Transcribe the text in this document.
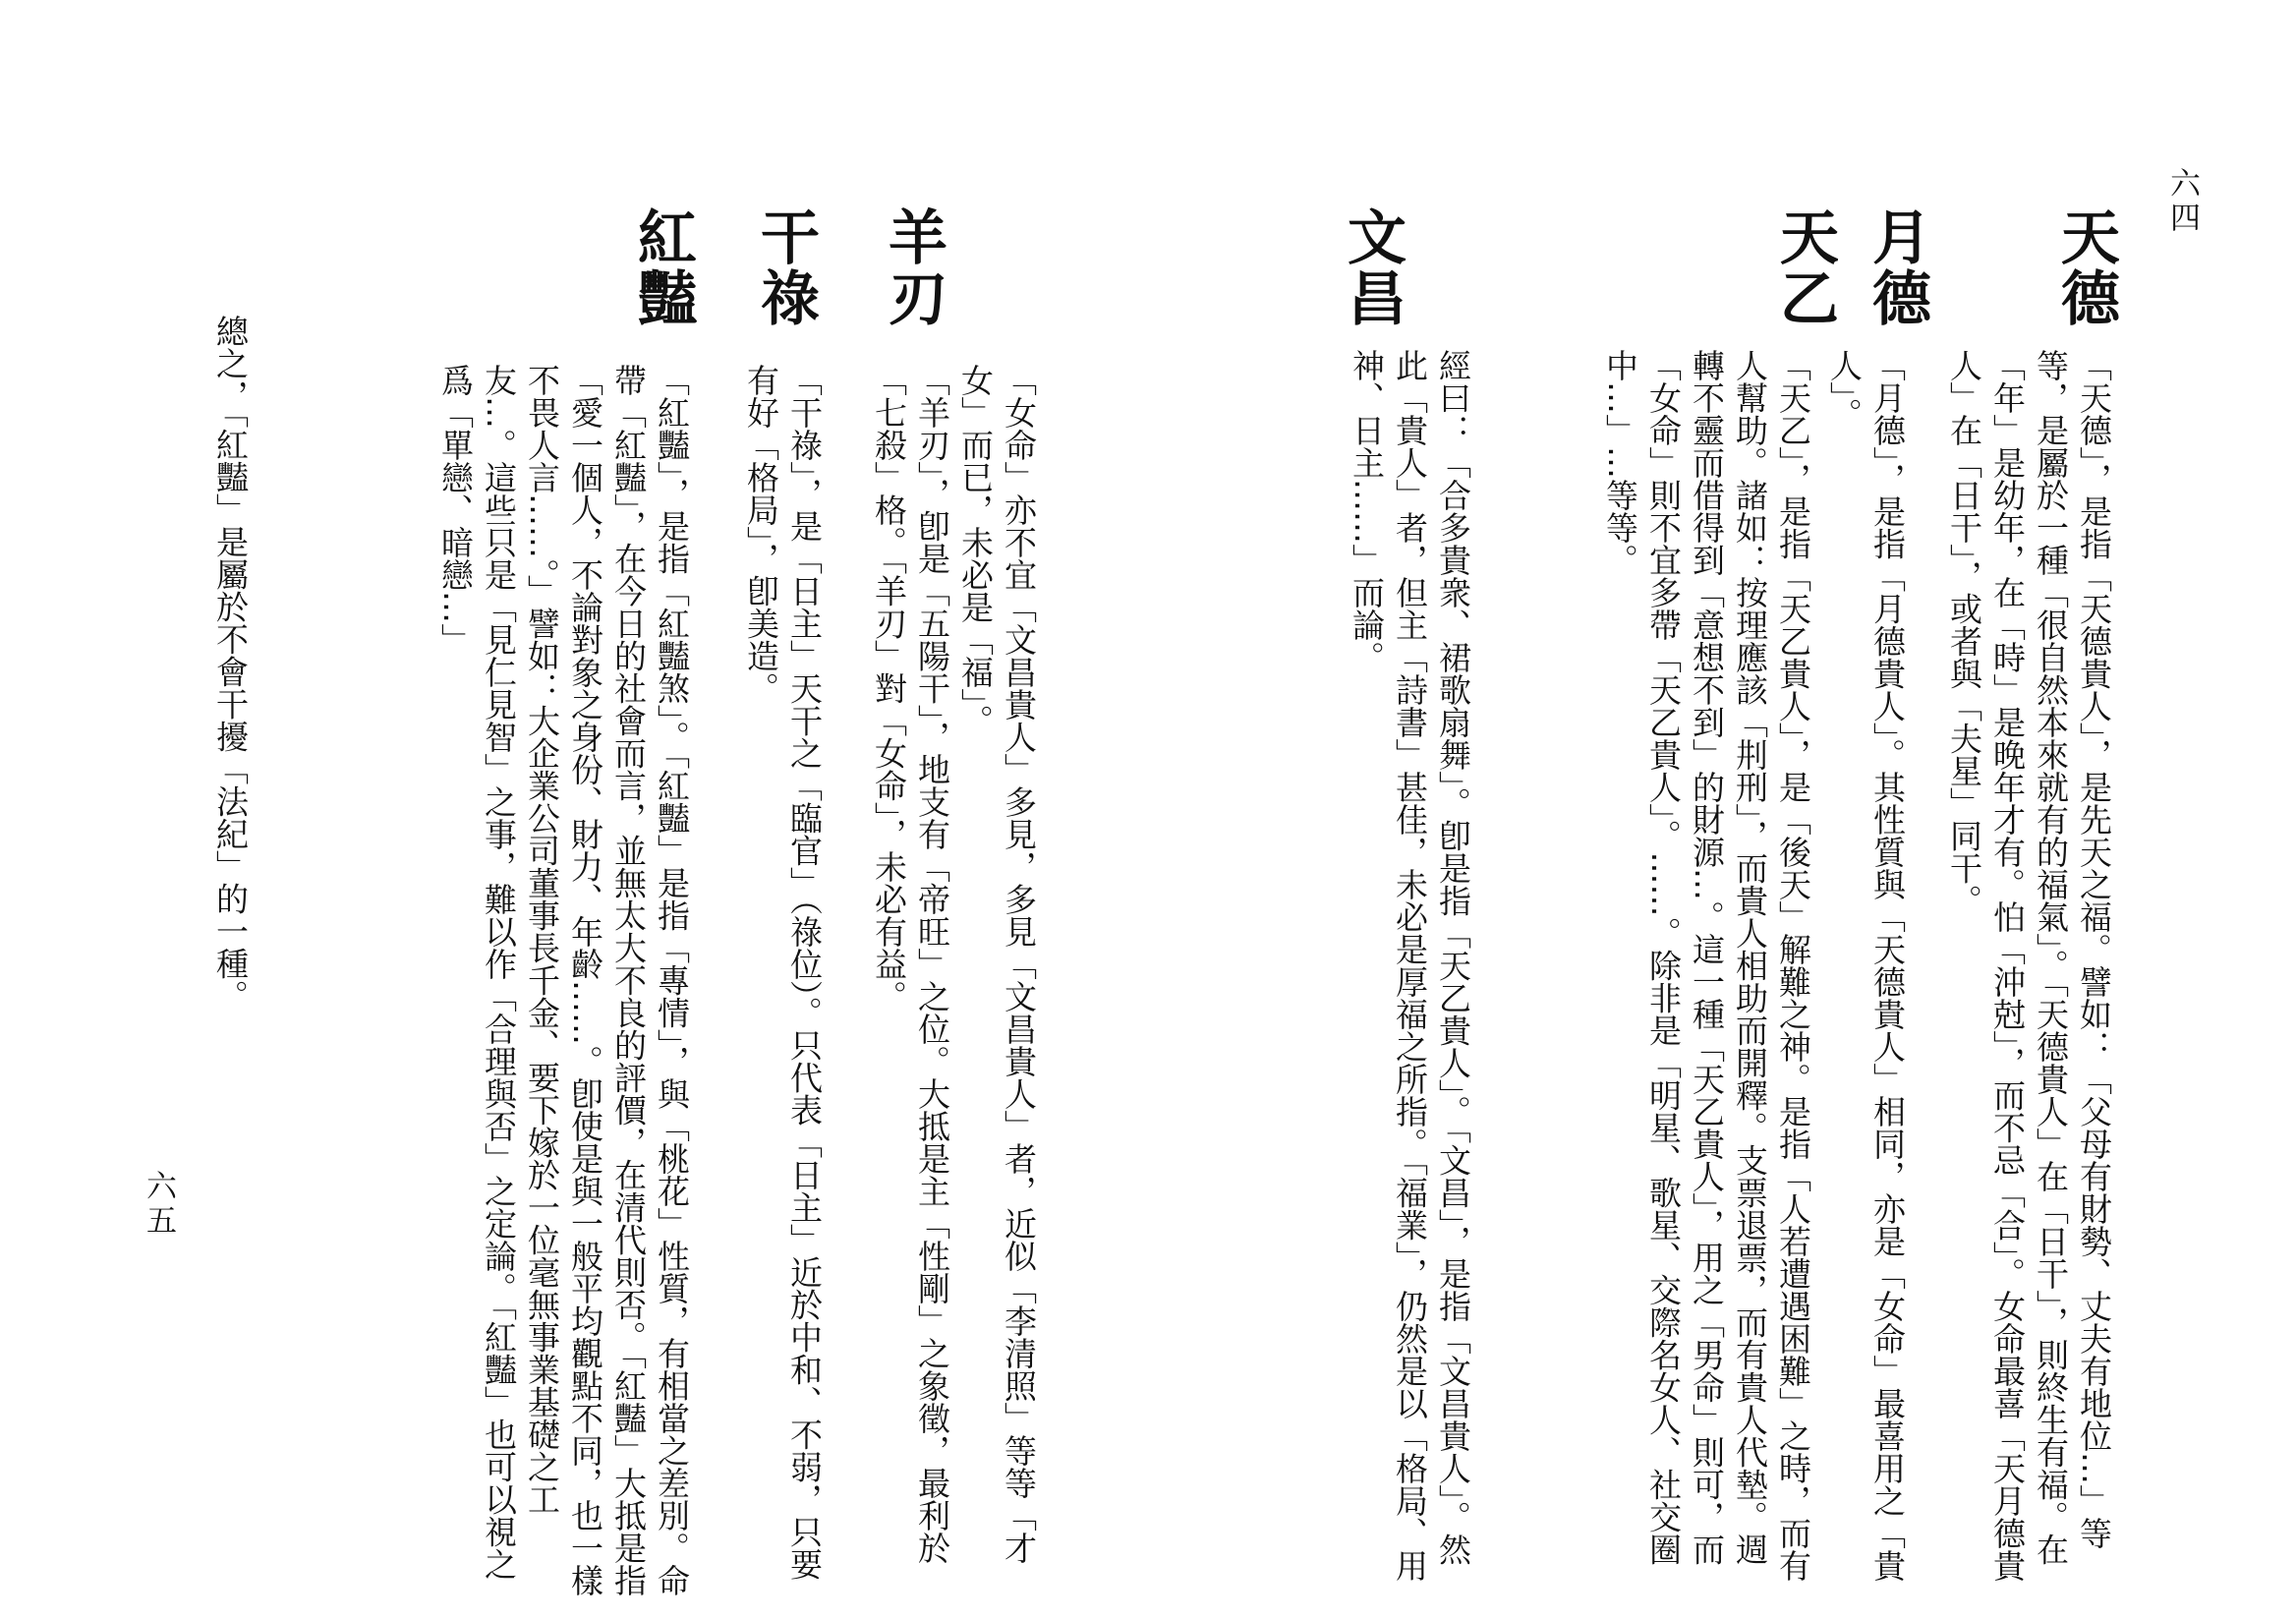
六四
天德
月德
天乙
文昌
「天德」，是指「天德貴人」，是先天之福。譬如：「父母有財勢、丈夫有地位…」等等，是屬於一種「很自然本來就有的福氣」。「天德貴人」在「日干」，則終生有福。在「年」是幼年，在「時」是晚年才有。怕「沖尅」，而不忌「合」。女命最喜「天月德貴人」在「日干」，或者與「夫星」同干。
「月德」，是指「月德貴人」。其性質與「天德貴人」相同，亦是「女命」最喜用之「貴人」。
「天乙」，是指「天乙貴人」，是「後天」解難之神。是指「人若遭遇困難」之時，而有人幫助。諸如：按理應該「㓝刑」，而貴人相助而開釋。支票退票，而有貴人代墊。週轉不靈而借得到「意想不到」的財源…。這一種「天乙貴人」，用之「男命」則可，而「女命」則不宜多帶「天乙貴人」。……。除非是「明星、歌星、交際名女人、社交圈中…」…等等。
經曰：「合多貴衆、裙歌扇舞」。卽是指「天乙貴人」。「文昌」，是指「文昌貴人」。然此「貴人」者，但主「詩書」甚佳，未必是厚福之所指。「福業」，仍然是以「格局、用神、日主……」而論。
六五
羊刃
干祿
紅豔
「女命」亦不宜「文昌貴人」多見，多見「文昌貴人」者，近似「李清照」等等「才女」而已，未必是「福」。
「羊刃」，卽是「五陽干」，地支有「帝旺」之位。大抵是主「性剛」之象徵，最利於「七殺」格。「羊刃」對「女命」，未必有益。
「干祿」，是「日主」天干之「臨官」（祿位）。只代表「日主」近於中和、不弱，只要有好「格局」，卽美造。
「紅豔」，是指「紅豔煞」。「紅豔」是指「專情」，與「桃花」性質，有相當之差別。命帶「紅豔」，在今日的社會而言，並無太大不良的評價，在清代則否。「紅豔」大抵是指「愛一個人，不論對象之身份、財力、年齡……。卽使是與一般平均觀點不同，也一樣不畏人言……。」譬如：大企業公司董事長千金、要下嫁於一位毫無事業基礎之工友…。這些只是「見仁見智」之事，難以作「合理與否」之定論。「紅豔」也可以視之爲「單戀、暗戀…」
總之，「紅豔」是屬於不會干擾「法紀」的一種。
